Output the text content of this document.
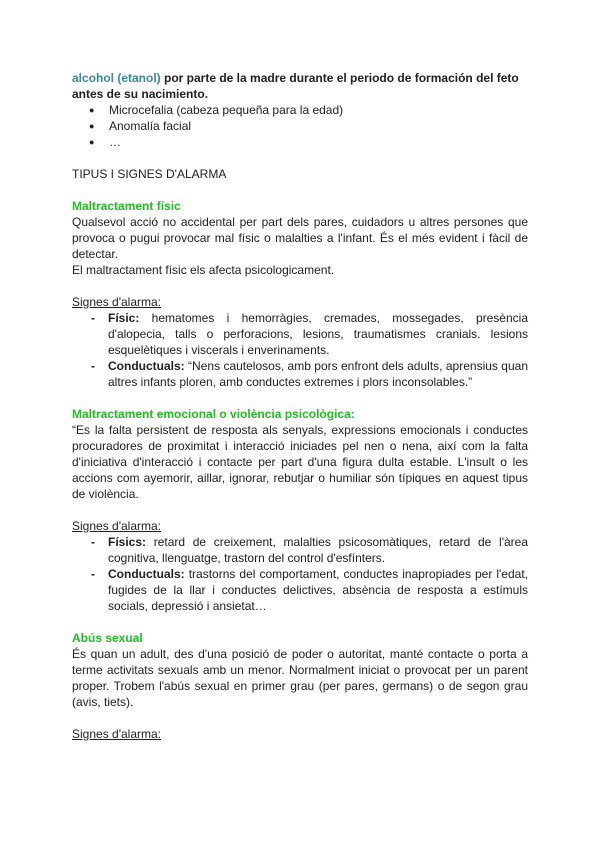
alcohol (etanol) por parte de la madre durante el periodo de formación del feto antes de su nacimiento.

● Microcefalia (cabeza pequeña para la edad)
● Anomalía facial
● …

TIPUS I SIGNES D'ALARMA

Maltractament físic

Qualsevol acció no accidental per part dels pares, cuidadors u altres persones que provoca o pugui provocar mal físic o malalties a l'infant. És el més evident i fàcil de detectar.

El maltractament físic els afecta psicologicament.

Signes d'alarma:

- Físic: hematomes i hemorràgies, cremades, mossegades, presència d'alopecia, talls o perforacions, lesions, traumatismes cranials. lesions esquelètiques i viscerals i enverinaments.
- Conductuals: “Nens cautelosos, amb pors enfront dels adults, aprensius quan altres infants ploren, amb conductes extremes i plors inconsolables.”

Maltractament emocional o violència psicològica:

“Es la falta persistent de resposta als senyals, expressions emocionals i conductes procuradores de proximitat i interacció iniciades pel nen o nena, així com la falta d'iniciativa d'interacció i contacte per part d'una figura dulta estable. L'insult o les accions com ayemorir, aillar, ignorar, rebutjar o humiliar són típiques en aquest tipus de violència.

Signes d'alarma:

- Físics: retard de creixement, malalties psicosomàtiques, retard de l'àrea cognitiva, llenguatge, trastorn del control d'esfínters.
- Conductuals: trastorns del comportament, conductes inapropiades per l'edat, fugides de la llar i conductes delictives, absència de resposta a estímuls socials, depressió i ansietat…

Abús sexual

És quan un adult, des d'una posició de poder o autoritat, manté contacte o porta a terme activitats sexuals amb un menor. Normalment iniciat o provocat per un parent proper. Trobem l'abús sexual en primer grau (per pares, germans) o de segon grau (avis, tiets).

Signes d'alarma:
